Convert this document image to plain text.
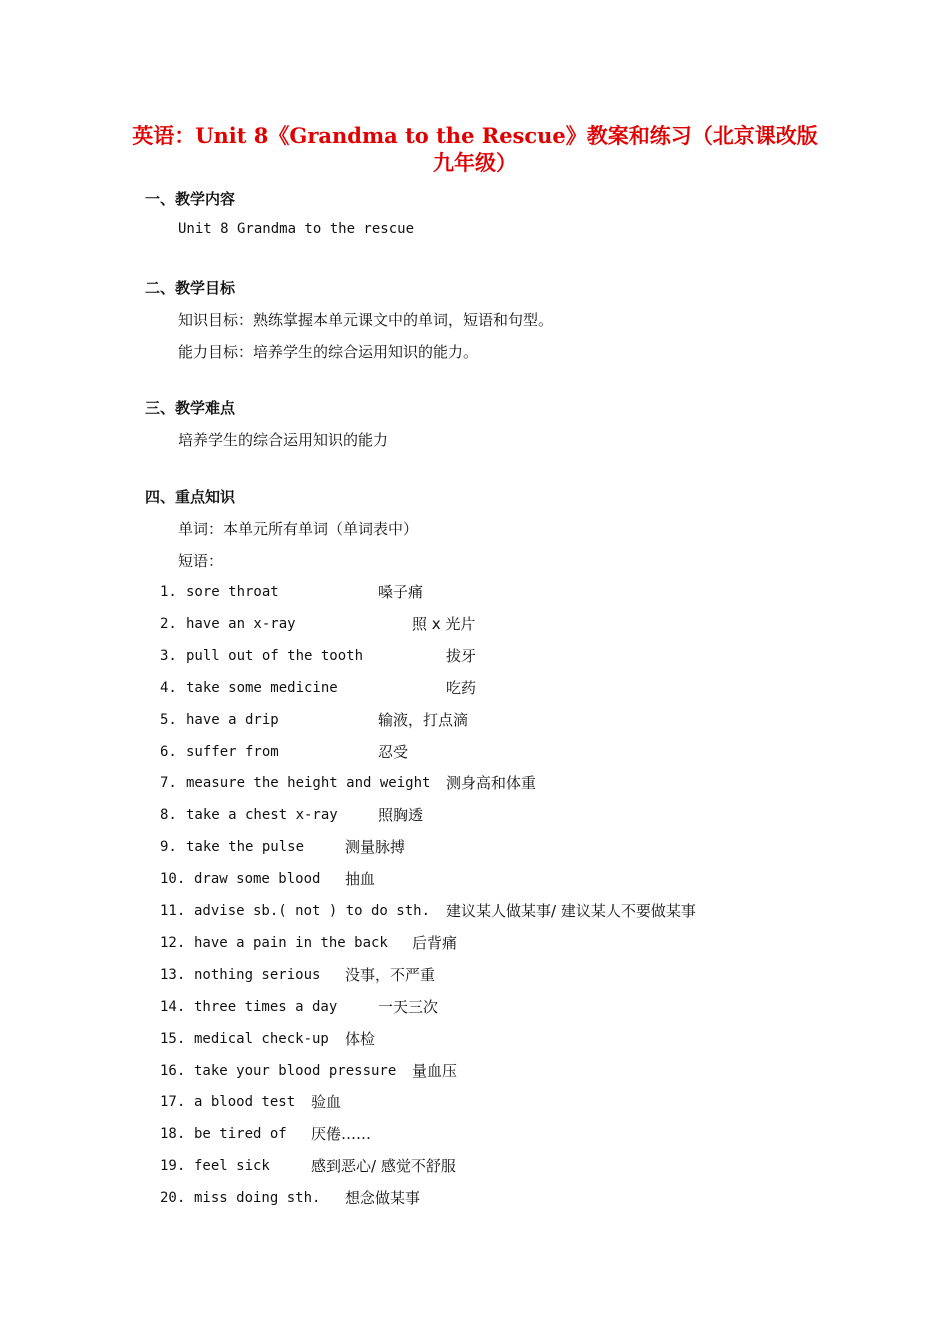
英语：Unit 8《Grandma to the Rescue》教案和练习（北京课改版
九年级）
一、教学内容
Unit 8 Grandma to the rescue
二、教学目标
知识目标：熟练掌握本单元课文中的单词，短语和句型。
能力目标：培养学生的综合运用知识的能力。
三、教学难点
培养学生的综合运用知识的能力
四、重点知识
单词：本单元所有单词（单词表中）
短语：
1. sore throat	嗓子痛
2. have an x-ray	照 x 光片
3. pull out of the tooth	拔牙
4. take some medicine	吃药
5. have a drip	输液，打点滴
6. suffer from	忍受
7. measure the height and weight 测身高和体重
8. take a chest x-ray	照胸透
9. take the pulse	测量脉搏
10. draw some blood 抽血
11. advise sb.( not ) to do sth. 建议某人做某事/ 建议某人不要做某事
12. have a pain in the back 后背痛
13. nothing serious 没事，不严重
14. three times a day	一天三次
15. medical check-up 体检
16. take your blood pressure 量血压
17. a blood test 验血
18. be tired of 厌倦……
19. feel sick	感到恶心/ 感觉不舒服
20. miss doing sth. 想念做某事
